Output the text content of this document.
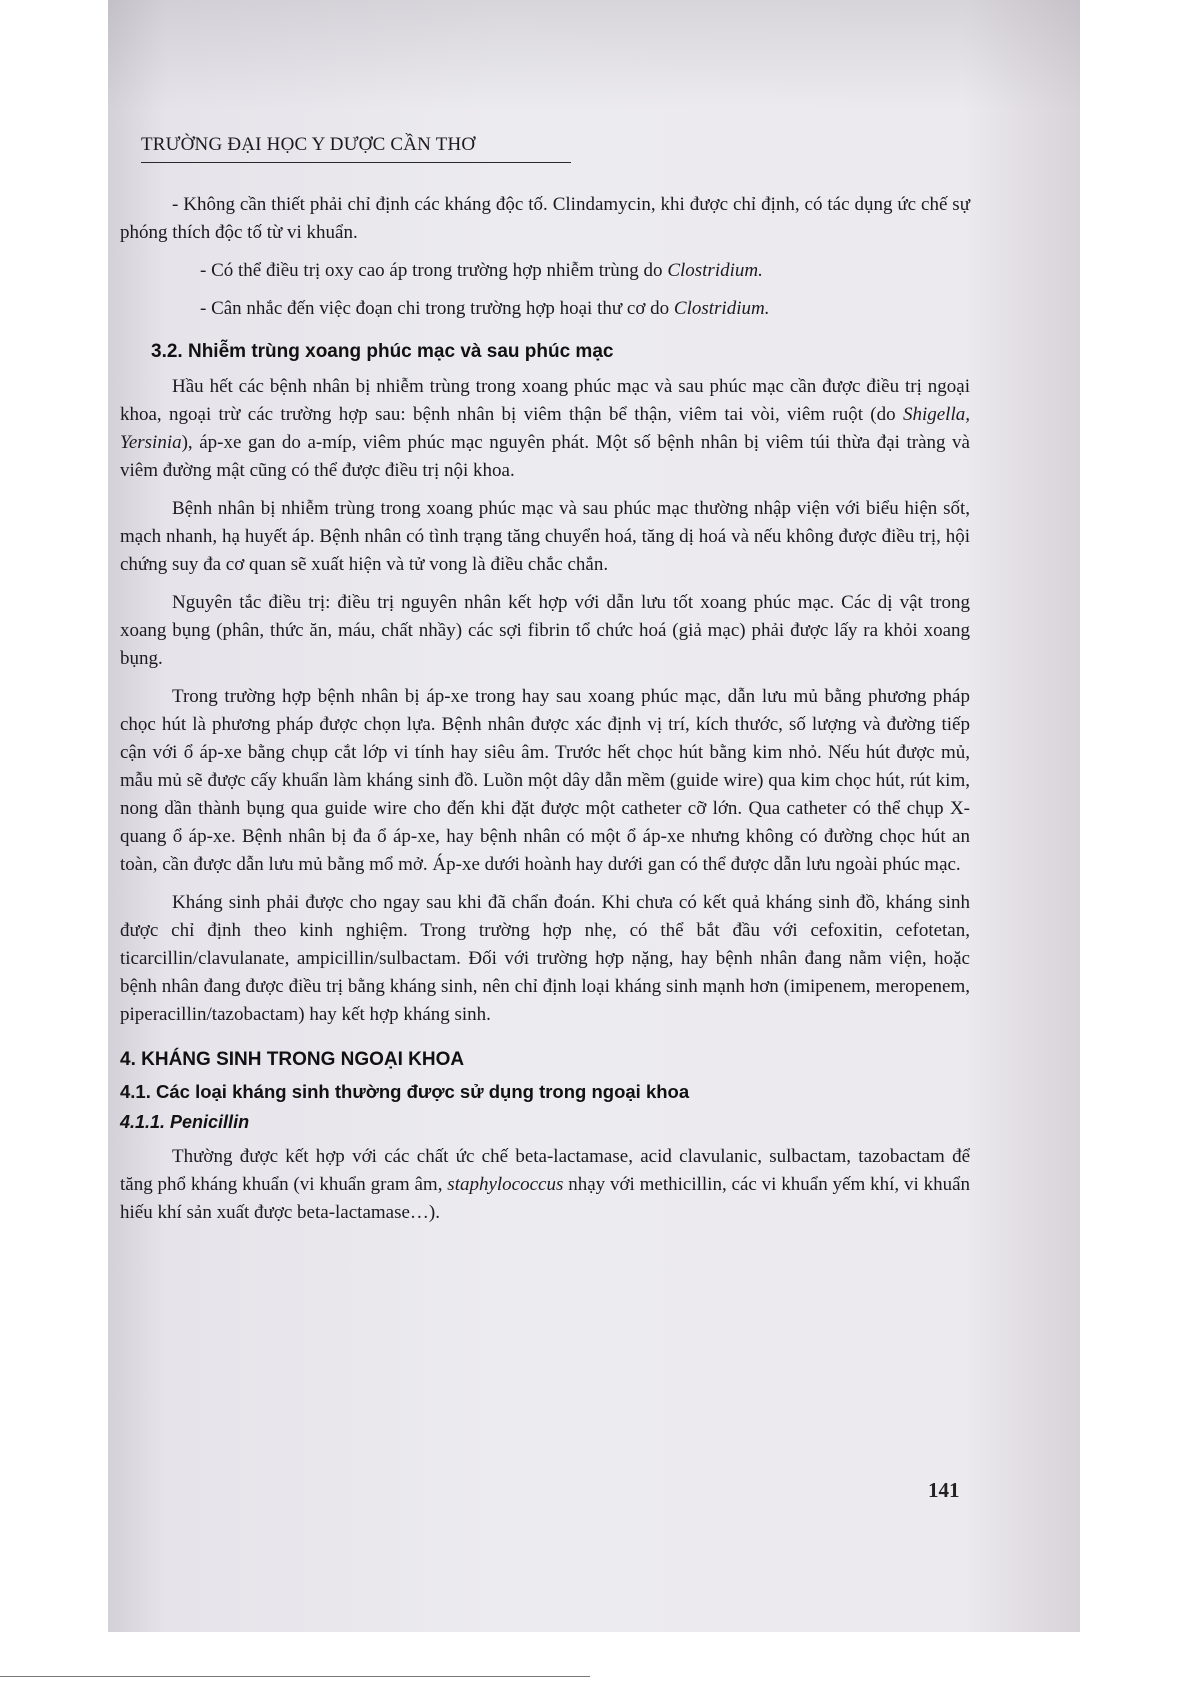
TRƯỜNG ĐẠI HỌC Y DƯỢC CẦN THƠ

- Không cần thiết phải chỉ định các kháng độc tố. Clindamycin, khi được chỉ định, có tác dụng ức chế sự phóng thích độc tố từ vi khuẩn.

- Có thể điều trị oxy cao áp trong trường hợp nhiễm trùng do Clostridium.

- Cân nhắc đến việc đoạn chi trong trường hợp hoại thư cơ do Clostridium.

3.2. Nhiễm trùng xoang phúc mạc và sau phúc mạc

Hầu hết các bệnh nhân bị nhiễm trùng trong xoang phúc mạc và sau phúc mạc cần được điều trị ngoại khoa, ngoại trừ các trường hợp sau: bệnh nhân bị viêm thận bể thận, viêm tai vòi, viêm ruột (do Shigella, Yersinia), áp-xe gan do a-míp, viêm phúc mạc nguyên phát. Một số bệnh nhân bị viêm túi thừa đại tràng và viêm đường mật cũng có thể được điều trị nội khoa.

Bệnh nhân bị nhiễm trùng trong xoang phúc mạc và sau phúc mạc thường nhập viện với biểu hiện sốt, mạch nhanh, hạ huyết áp. Bệnh nhân có tình trạng tăng chuyển hoá, tăng dị hoá và nếu không được điều trị, hội chứng suy đa cơ quan sẽ xuất hiện và tử vong là điều chắc chắn.

Nguyên tắc điều trị: điều trị nguyên nhân kết hợp với dẫn lưu tốt xoang phúc mạc. Các dị vật trong xoang bụng (phân, thức ăn, máu, chất nhầy) các sợi fibrin tổ chức hoá (giả mạc) phải được lấy ra khỏi xoang bụng.

Trong trường hợp bệnh nhân bị áp-xe trong hay sau xoang phúc mạc, dẫn lưu mủ bằng phương pháp chọc hút là phương pháp được chọn lựa. Bệnh nhân được xác định vị trí, kích thước, số lượng và đường tiếp cận với ổ áp-xe bằng chụp cắt lớp vi tính hay siêu âm. Trước hết chọc hút bằng kim nhỏ. Nếu hút được mủ, mẫu mủ sẽ được cấy khuẩn làm kháng sinh đồ. Luồn một dây dẫn mềm (guide wire) qua kim chọc hút, rút kim, nong dần thành bụng qua guide wire cho đến khi đặt được một catheter cỡ lớn. Qua catheter có thể chụp X-quang ổ áp-xe. Bệnh nhân bị đa ổ áp-xe, hay bệnh nhân có một ổ áp-xe nhưng không có đường chọc hút an toàn, cần được dẫn lưu mủ bằng mổ mở. Áp-xe dưới hoành hay dưới gan có thể được dẫn lưu ngoài phúc mạc.

Kháng sinh phải được cho ngay sau khi đã chẩn đoán. Khi chưa có kết quả kháng sinh đồ, kháng sinh được chỉ định theo kinh nghiệm. Trong trường hợp nhẹ, có thể bắt đầu với cefoxitin, cefotetan, ticarcillin/clavulanate, ampicillin/sulbactam. Đối với trường hợp nặng, hay bệnh nhân đang nằm viện, hoặc bệnh nhân đang được điều trị bằng kháng sinh, nên chỉ định loại kháng sinh mạnh hơn (imipenem, meropenem, piperacillin/tazobactam) hay kết hợp kháng sinh.

4. KHÁNG SINH TRONG NGOẠI KHOA
4.1. Các loại kháng sinh thường được sử dụng trong ngoại khoa
4.1.1. Penicillin

Thường được kết hợp với các chất ức chế beta-lactamase, acid clavulanic, sulbactam, tazobactam để tăng phổ kháng khuẩn (vi khuẩn gram âm, staphylococcus nhạy với methicillin, các vi khuẩn yếm khí, vi khuẩn hiếu khí sản xuất được beta-lactamase…).

141
